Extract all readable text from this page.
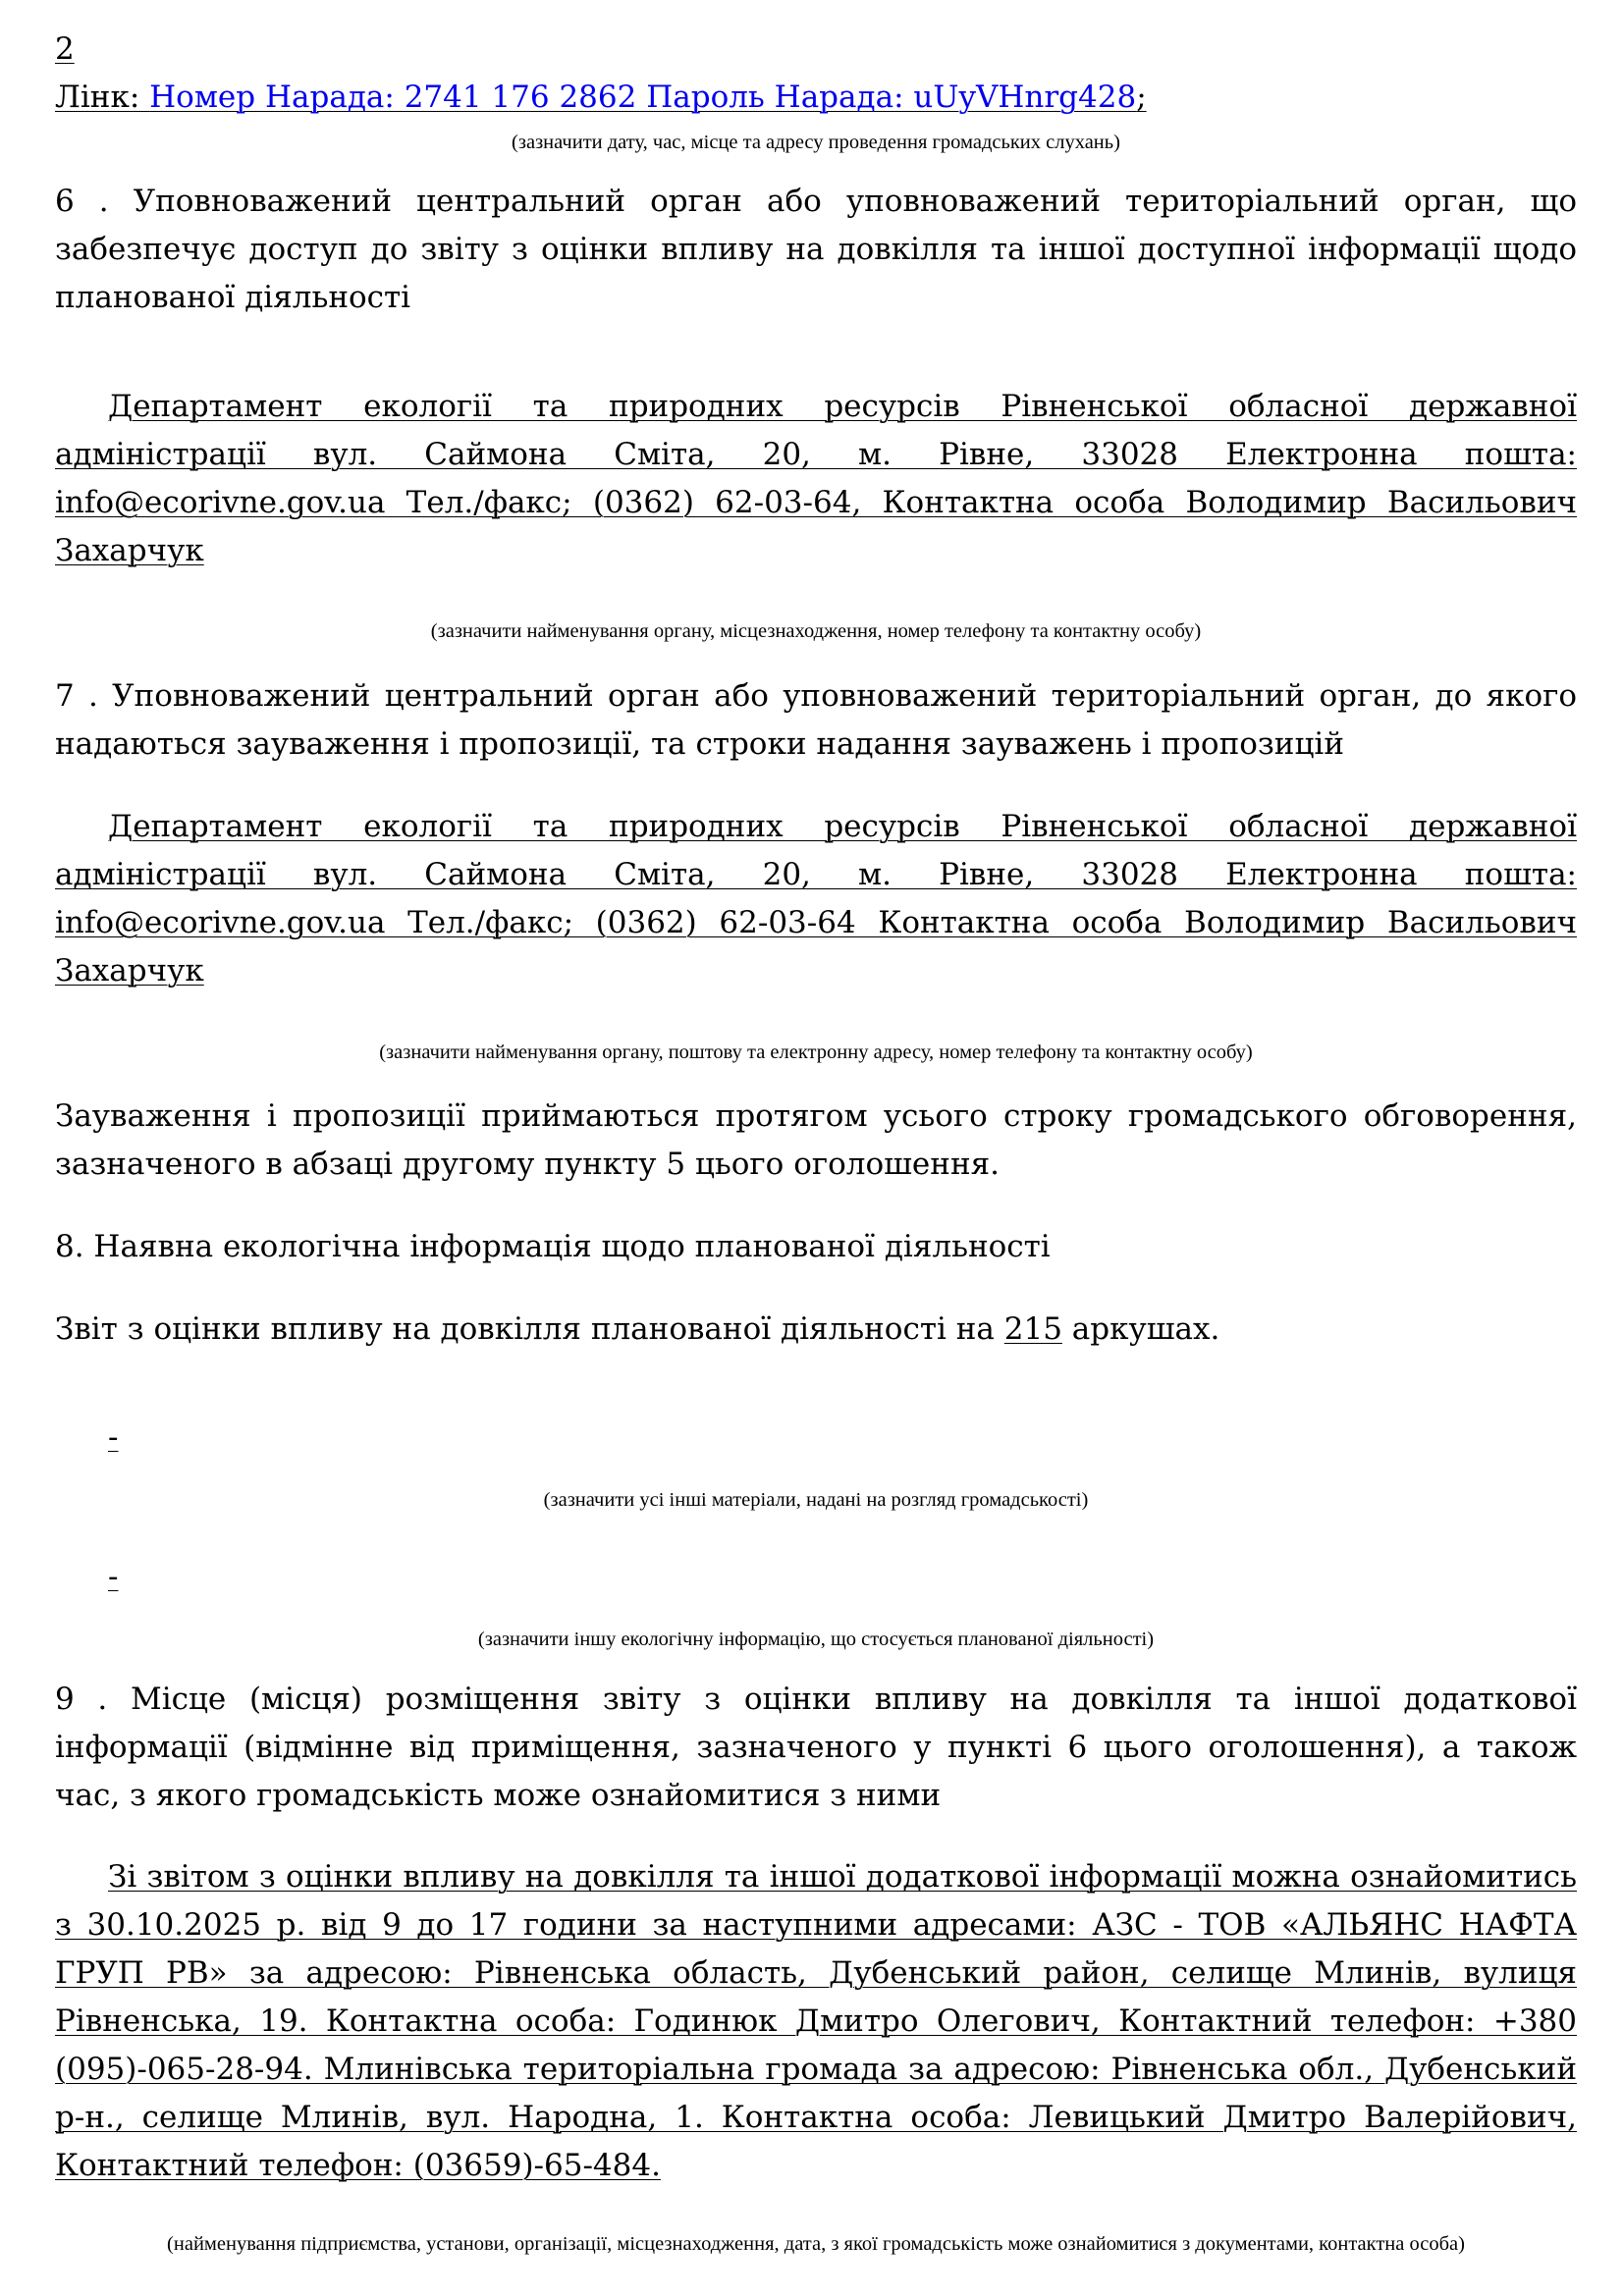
2

Лінк: Номер Нарада: 2741 176 2862 Пароль Нарада: uUyVHnrg428;

(зазначити дату, час, місце та адресу проведення громадських слухань)

6 . Уповноважений центральний орган або уповноважений територіальний орган, що забезпечує доступ до звіту з оцінки впливу на довкілля та іншої доступної інформації щодо планованої діяльності

Департамент екології та природних ресурсів Рівненської обласної державної адміністрації вул. Саймона Сміта, 20, м. Рівне, 33028 Електронна пошта: info@ecorivne.gov.ua Тел./факс; (0362) 62-03-64, Контактна особа Володимир Васильович Захарчук

(зазначити найменування органу, місцезнаходження, номер телефону та контактну особу)

7 . Уповноважений центральний орган або уповноважений територіальний орган, до якого надаються зауваження і пропозиції, та строки надання зауважень і пропозицій

Департамент екології та природних ресурсів Рівненської обласної державної адміністрації вул. Саймона Сміта, 20, м. Рівне, 33028 Електронна пошта: info@ecorivne.gov.ua Тел./факс; (0362) 62-03-64 Контактна особа Володимир Васильович Захарчук

(зазначити найменування органу, поштову та електронну адресу, номер телефону та контактну особу)

Зауваження і пропозиції приймаються протягом усього строку громадського обговорення, зазначеного в абзаці другому пункту 5 цього оголошення.

8. Наявна екологічна інформація щодо планованої діяльності

Звіт з оцінки впливу на довкілля планованої діяльності на 215 аркушах.

-

(зазначити усі інші матеріали, надані на розгляд громадськості)

-

(зазначити іншу екологічну інформацію, що стосується планованої діяльності)

9 . Місце (місця) розміщення звіту з оцінки впливу на довкілля та іншої додаткової інформації (відмінне від приміщення, зазначеного у пункті 6 цього оголошення), а також час, з якого громадськість може ознайомитися з ними

Зі звітом з оцінки впливу на довкілля та іншої додаткової інформації можна ознайомитись з 30.10.2025 р. від 9 до 17 години за наступними адресами: АЗС - ТОВ «АЛЬЯНС НАФТА ГРУП РВ» за адресою: Рівненська область, Дубенський район, селище Млинів, вулиця Рівненська, 19. Контактна особа: Годинюк Дмитро Олегович, Контактний телефон: +380 (095)-065-28-94. Млинівська територіальна громада за адресою: Рівненська обл., Дубенський р-н., селище Млинів, вул. Народна, 1. Контактна особа: Левицький Дмитро Валерійович, Контактний телефон: (03659)-65-484.

(найменування підприємства, установи, організації, місцезнаходження, дата, з якої громадськість може ознайомитися з документами, контактна особа)
